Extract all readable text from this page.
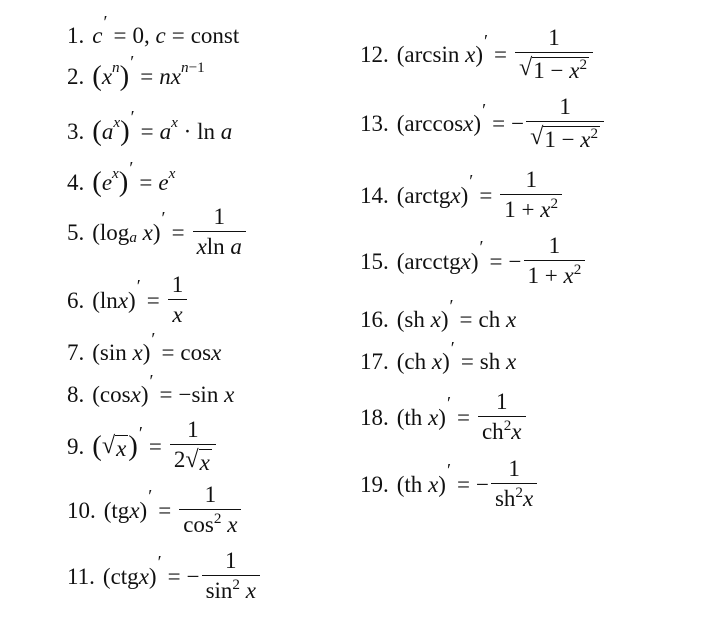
1. c
′
= 0, c = const
2. ( x n ) ′
= nx n−1
3. ( a x ) ′
= a x · ln
a
4. ( e x ) ′
= e x
5. ( log a
x )
′
= $\frac{1}{\text{xln a}}$
6. ( ln x )
′
= $\frac{1}{x}$
7. ( sin
x )
′
= cos x
8. ( cos x )
′
= − sin
x
9. ( √ x ) ′
= $\frac{1}{2 √ x}$
10. ( tg x )
′
= $\frac{1}{\cos^2 x}$
11. ( ctg x )
′
= − $\frac{1}{\sin^2 x}$
12. ( arcsin
x )
′
= $\frac{1}{√ 1 - x^2}$
13. ( arccos x )
′
= − $\frac{1}{√ 1 - x^2}$
14. ( arctg x )
′
= $\frac{1}{1 + x^2}$
15. ( arcctg x )
′
= − $\frac{1}{1 + x^2}$
16. ( sh
x )
′
= ch
x
17. ( ch
x )
′
= sh
x
18. ( th
x )
′
= $\frac{1}{ch^2x}$
19. ( th
x )
′
= − $\frac{1}{sh^2x}$
